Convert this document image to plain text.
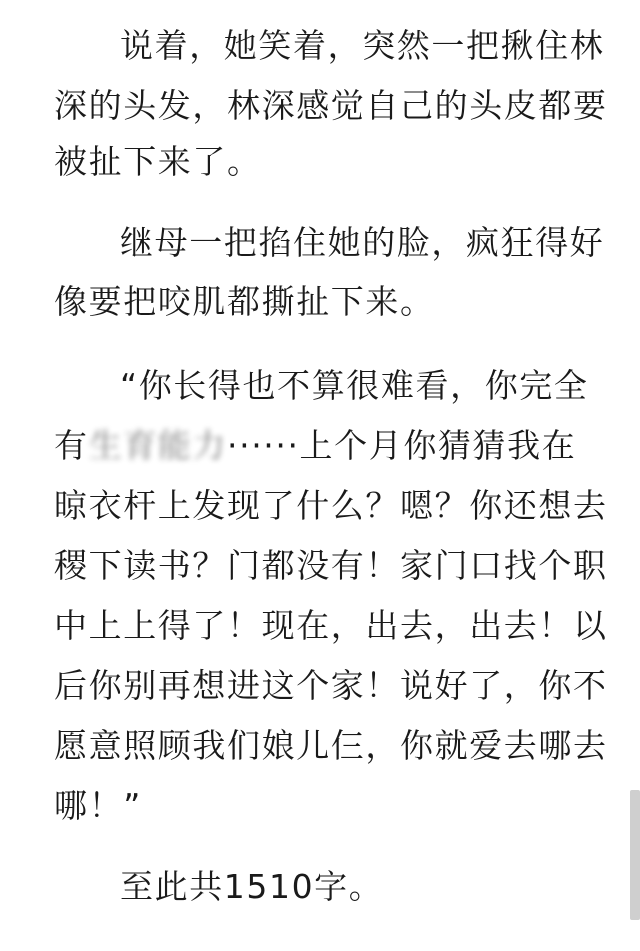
说着，她笑着，突然一把揪住林
深的头发，林深感觉自己的头皮都要
被扯下来了。
继母一把掐住她的脸，疯狂得好
像要把咬肌都撕扯下来。
“你长得也不算很难看，你完全
有生育能力······上个月你猜猜我在
晾衣杆上发现了什么？嗯？你还想去
稷下读书？门都没有！家门口找个职
中上上得了！现在，出去，出去！以
后你别再想进这个家！说好了，你不
愿意照顾我们娘儿仨，你就爱去哪去
哪！”
至此共1510字。
